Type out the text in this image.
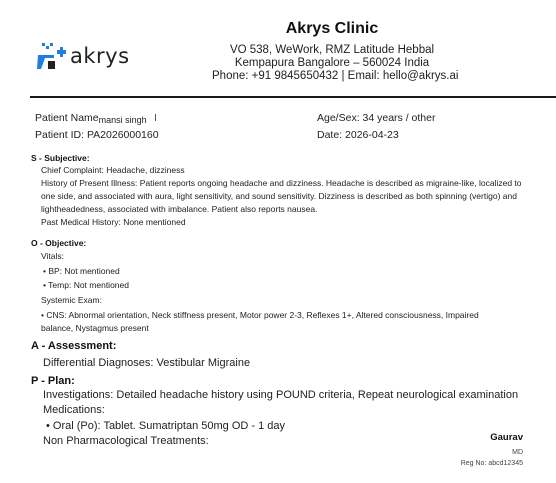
akrys
Akrys Clinic
VO 538, WeWork, RMZ Latitude Hebbal
Kempapura Bangalore – 560024 India
Phone: +91 9845650432 | Email: hello@akrys.ai
Patient Namemansi singh
Patient ID: PA2026000160
Age/Sex: 34 years / other
Date: 2026-04-23
S - Subjective:
Chief Complaint: Headache, dizziness
History of Present Illness: Patient reports ongoing headache and dizziness. Headache is described as migraine-like, localized to one side, and associated with aura, light sensitivity, and sound sensitivity. Dizziness is described as both spinning (vertigo) and lightheadedness, associated with imbalance. Patient also reports nausea.
Past Medical History: None mentioned
O - Objective:
Vitals:
• BP: Not mentioned
• Temp: Not mentioned
Systemic Exam:
• CNS: Abnormal orientation, Neck stiffness present, Motor power 2-3, Reflexes 1+, Altered consciousness, Impaired balance, Nystagmus present
A - Assessment:
Differential Diagnoses: Vestibular Migraine
P - Plan:
Investigations: Detailed headache history using POUND criteria, Repeat neurological examination
Medications:
• Oral (Po): Tablet. Sumatriptan 50mg OD - 1 day
Non Pharmacological Treatments:	Gaurav
MD
Reg No: abcd12345
